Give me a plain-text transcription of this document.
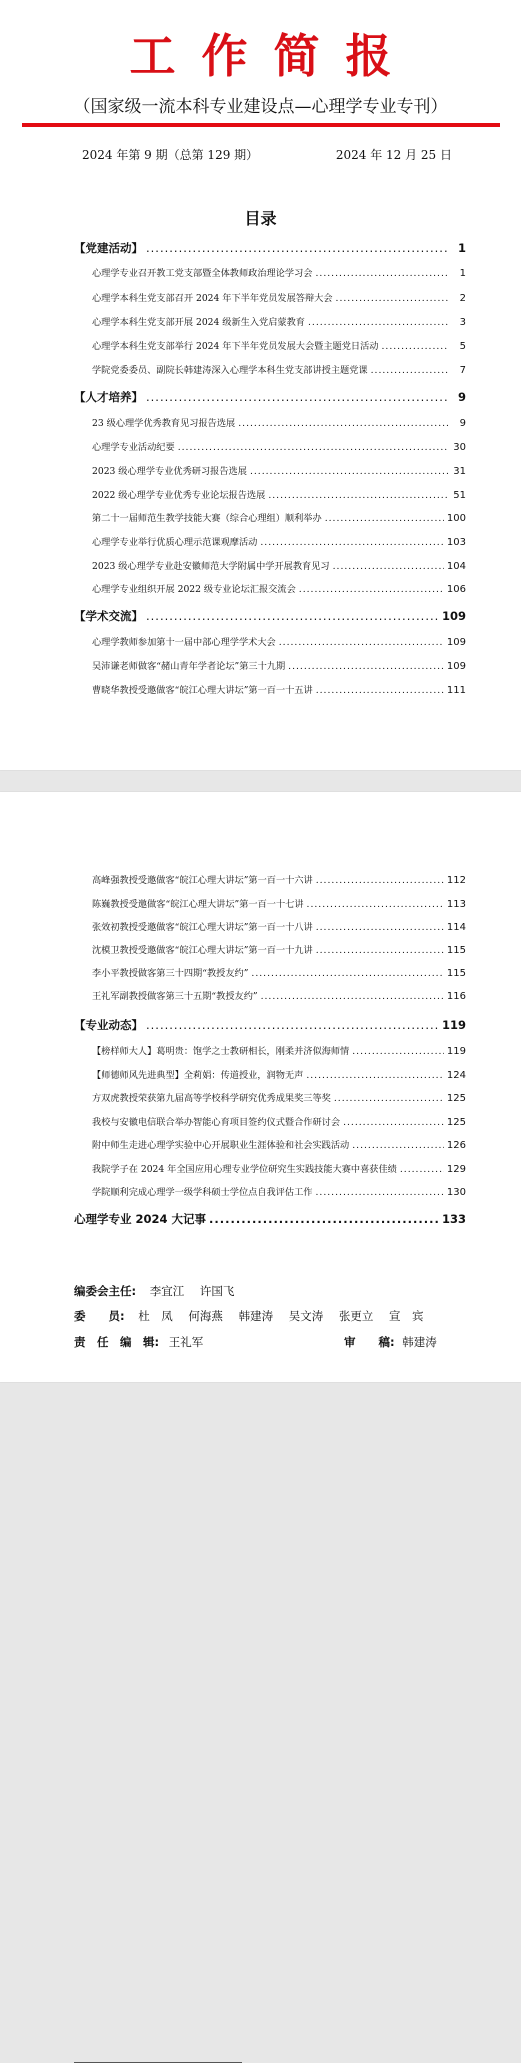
工作简报
（国家级一流本科专业建设点—心理学专业专刊）
2024 年第 9 期（总第 129 期）	2024 年 12 月 25 日
目录
【党建活动】 .....	1
心理学专业召开教工党支部暨全体教师政治理论学习会 .....	1
心理学本科生党支部召开 2024 年下半年党员发展答辩大会 .....	2
心理学本科生党支部开展 2024 级新生入党启蒙教育 .....	3
心理学本科生党支部举行 2024 年下半年党员发展大会暨主题党日活动 .....	5
学院党委委员、副院长韩建涛深入心理学本科生党支部讲授主题党课 .....	7
【人才培养】 .....	9
23 级心理学优秀教育见习报告选展 .....	9
心理学专业活动纪要 .....	30
2023 级心理学专业优秀研习报告选展 .....	31
2022 级心理学专业优秀专业论坛报告选展 .....	51
第二十一届师范生教学技能大赛（综合心理组）顺利举办 .....	100
心理学专业举行优质心理示范课观摩活动 .....	103
2023 级心理学专业赴安徽师范大学附属中学开展教育见习 .....	104
心理学专业组织开展 2022 级专业论坛汇报交流会 .....	106
【学术交流】 .....	109
心理学教师参加第十一届中部心理学学术大会 .....	109
吴沛谦老师做客“赭山青年学者论坛”第三十九期 .....	109
曹晓华教授受邀做客“皖江心理大讲坛”第一百一十五讲 .....	111
高峰强教授受邀做客“皖江心理大讲坛”第一百一十六讲 .....	112
陈巍教授受邀做客“皖江心理大讲坛”第一百一十七讲 .....	113
张效初教授受邀做客“皖江心理大讲坛”第一百一十八讲 .....	114
沈模卫教授受邀做客“皖江心理大讲坛”第一百一十九讲 .....	115
李小平教授做客第三十四期“教授友约” .....	115
王礼军副教授做客第三十五期“教授友约” .....	116
【专业动态】 .....	119
【榜样师大人】葛明贵：饱学之士教研相长，刚柔并济似海师情 .....	119
【师德师风先进典型】全莉娟：传道授业，润物无声 .....	124
方双虎教授荣获第九届高等学校科学研究优秀成果奖三等奖 .....	125
我校与安徽电信联合举办智能心育项目签约仪式暨合作研讨会 .....	125
附中师生走进心理学实验中心开展职业生涯体验和社会实践活动 .....	126
我院学子在 2024 年全国应用心理专业学位研究生实践技能大赛中喜获佳绩 .....	129
学院顺利完成心理学一级学科硕士学位点自我评估工作 .....	130
心理学专业 2024 大记事 .....	133
编委会主任: 李宜江 许国飞
委　　员: 杜　凤 何海燕 韩建涛 吴文涛 张更立 宣　宾
责　任　编　辑: 王礼军	审　　稿: 韩建涛
